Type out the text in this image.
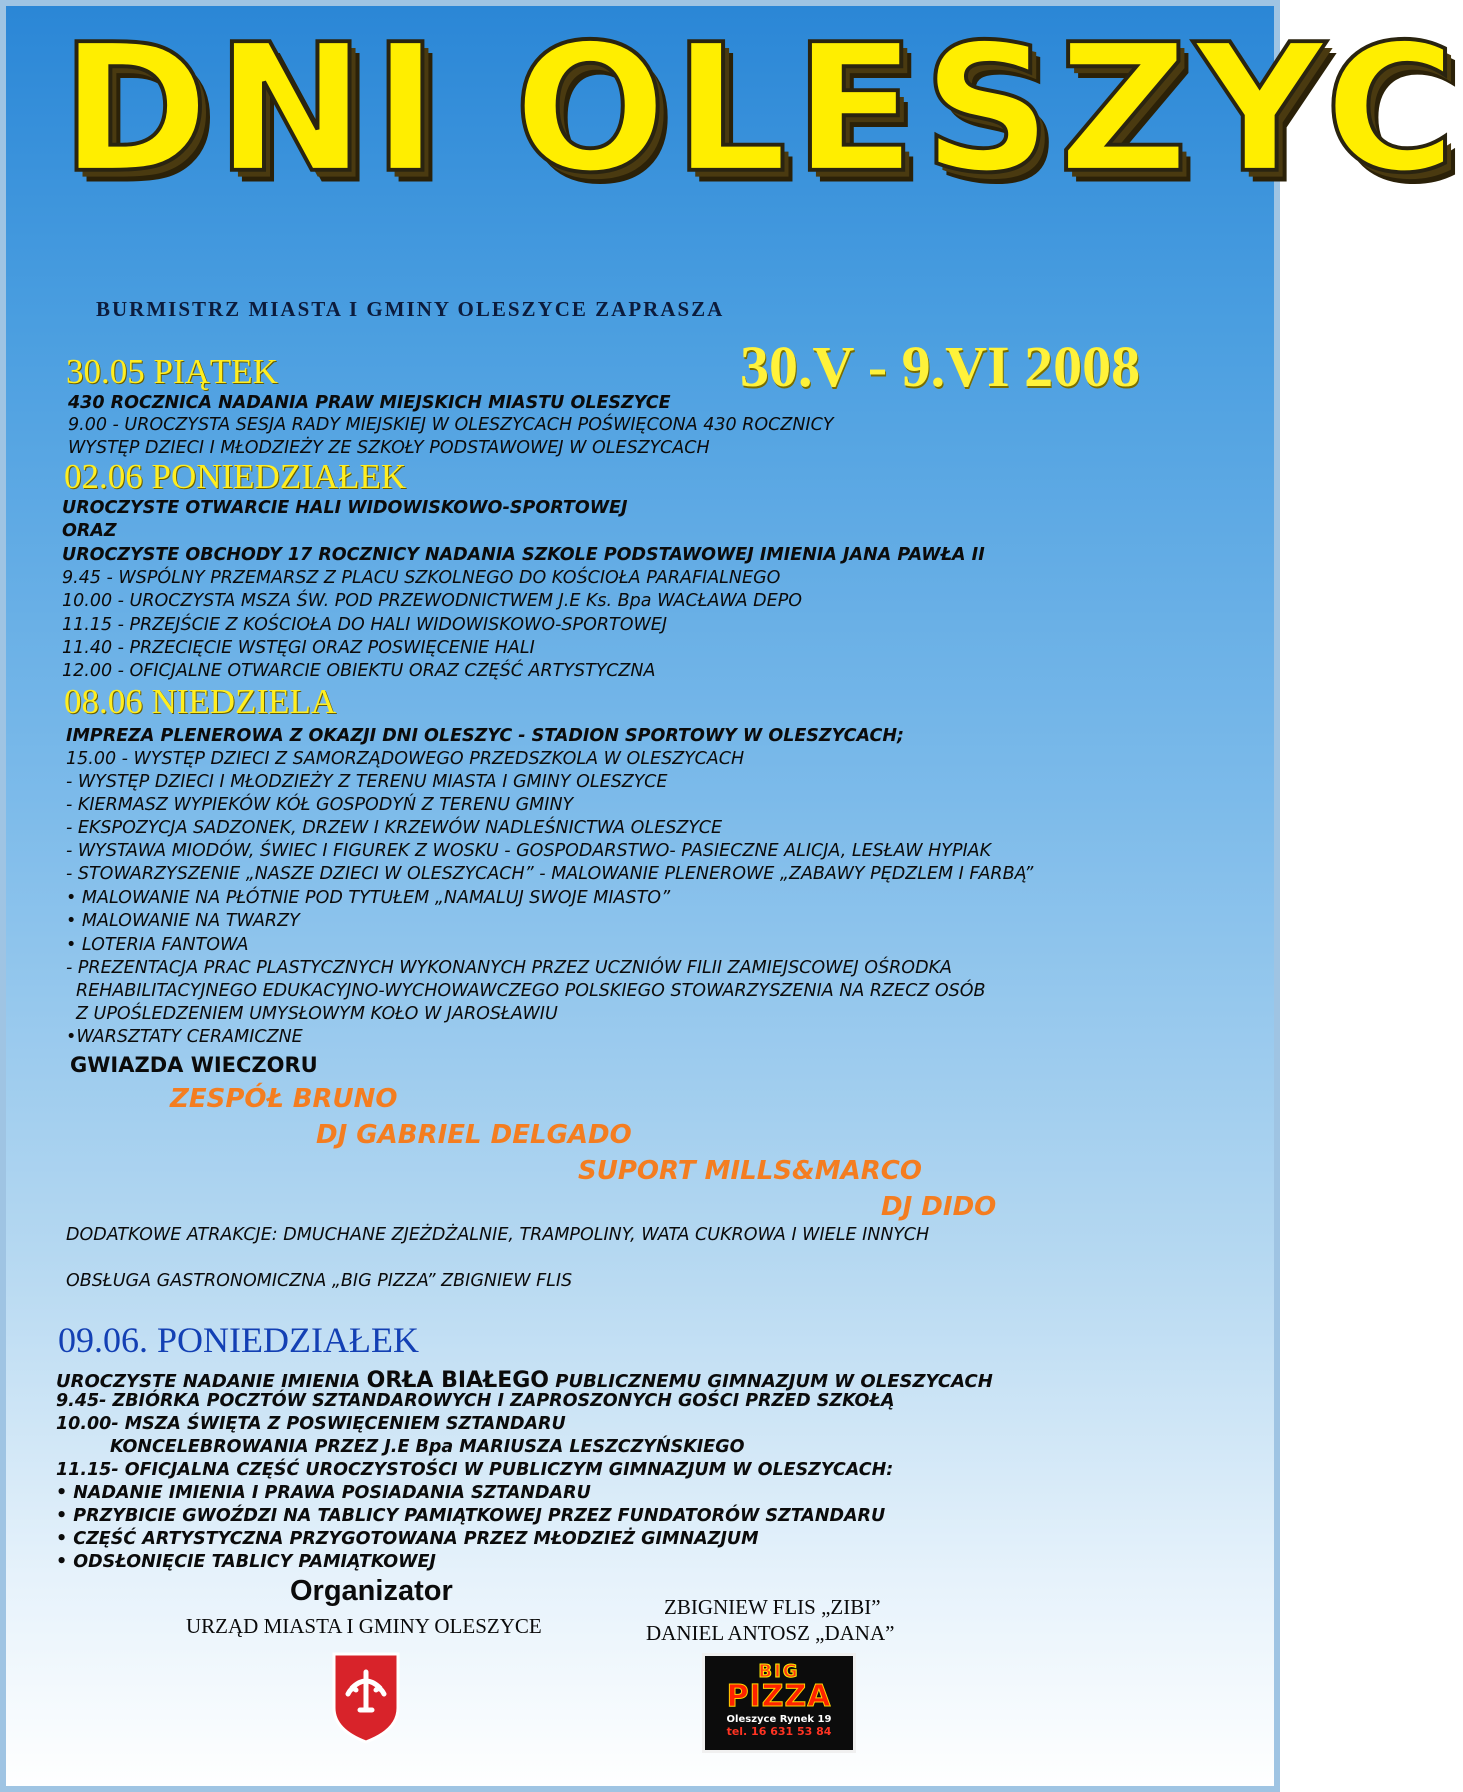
DNI OLESZYC
BURMISTRZ MIASTA I GMINY OLESZYCE ZAPRASZA
30.V - 9.VI 2008
30.05 PIĄTEK
430 ROCZNICA NADANIA PRAW MIEJSKICH MIASTU OLESZYCE
9.00 - UROCZYSTA SESJA RADY MIEJSKIEJ W OLESZYCACH POŚWIĘCONA 430 ROCZNICY
WYSTĘP DZIECI I MŁODZIEŻY ZE SZKOŁY PODSTAWOWEJ W OLESZYCACH
02.06 PONIEDZIAŁEK
UROCZYSTE OTWARCIE HALI WIDOWISKOWO-SPORTOWEJ
ORAZ
UROCZYSTE OBCHODY 17 ROCZNICY NADANIA SZKOLE PODSTAWOWEJ IMIENIA JANA PAWŁA II
9.45 - WSPÓLNY PRZEMARSZ Z PLACU SZKOLNEGO DO KOŚCIOŁA PARAFIALNEGO
10.00 - UROCZYSTA MSZA ŚW. POD PRZEWODNICTWEM J.E Ks. Bpa WACŁAWA DEPO
11.15 - PRZEJŚCIE Z KOŚCIOŁA DO HALI WIDOWISKOWO-SPORTOWEJ
11.40 - PRZECIĘCIE WSTĘGI ORAZ POSWIĘCENIE HALI
12.00 - OFICJALNE OTWARCIE OBIEKTU ORAZ CZĘŚĆ ARTYSTYCZNA
08.06 NIEDZIELA
IMPREZA PLENEROWA Z OKAZJI DNI OLESZYC - STADION SPORTOWY W OLESZYCACH;
15.00 - WYSTĘP DZIECI Z SAMORZĄDOWEGO PRZEDSZKOLA W OLESZYCACH
- WYSTĘP DZIECI I MŁODZIEŻY Z TERENU MIASTA I GMINY OLESZYCE
- KIERMASZ WYPIEKÓW KÓŁ GOSPODYŃ Z TERENU GMINY
- EKSPOZYCJA SADZONEK, DRZEW I KRZEWÓW NADLEŚNICTWA OLESZYCE
- WYSTAWA MIODÓW, ŚWIEC I FIGUREK Z WOSKU - GOSPODARSTWO- PASIECZNE ALICJA, LESŁAW HYPIAK
- STOWARZYSZENIE „NASZE DZIECI W OLESZYCACH” - MALOWANIE PLENEROWE „ZABAWY PĘDZLEM I FARBĄ”
• MALOWANIE NA PŁÓTNIE POD TYTUŁEM „NAMALUJ SWOJE MIASTO”
• MALOWANIE NA TWARZY
• LOTERIA FANTOWA
- PREZENTACJA PRAC PLASTYCZNYCH WYKONANYCH PRZEZ UCZNIÓW FILII ZAMIEJSCOWEJ OŚRODKA
REHABILITACYJNEGO EDUKACYJNO-WYCHOWAWCZEGO POLSKIEGO STOWARZYSZENIA NA RZECZ OSÓB
Z UPOŚLEDZENIEM UMYSŁOWYM KOŁO W JAROSŁAWIU
•WARSZTATY CERAMICZNE
GWIAZDA WIECZORU
ZESPÓŁ BRUNO
DJ GABRIEL DELGADO
SUPORT MILLS&MARCO
DJ DIDO
DODATKOWE ATRAKCJE: DMUCHANE ZJEŻDŻALNIE, TRAMPOLINY, WATA CUKROWA I WIELE INNYCH
OBSŁUGA GASTRONOMICZNA „BIG PIZZA” ZBIGNIEW FLIS
09.06. PONIEDZIAŁEK
UROCZYSTE NADANIE IMIENIA ORŁA BIAŁEGO PUBLICZNEMU GIMNAZJUM W OLESZYCACH
9.45- ZBIÓRKA POCZTÓW SZTANDAROWYCH I ZAPROSZONYCH GOŚCI PRZED SZKOŁĄ
10.00- MSZA ŚWIĘTA Z POSWIĘCENIEM SZTANDARU
KONCELEBROWANIA PRZEZ J.E Bpa MARIUSZA LESZCZYŃSKIEGO
11.15- OFICJALNA CZĘŚĆ UROCZYSTOŚCI W PUBLICZYM GIMNAZJUM W OLESZYCACH:
• NADANIE IMIENIA I PRAWA POSIADANIA SZTANDARU
• PRZYBICIE GWOŹDZI NA TABLICY PAMIĄTKOWEJ PRZEZ FUNDATORÓW SZTANDARU
• CZĘŚĆ ARTYSTYCZNA PRZYGOTOWANA PRZEZ MŁODZIEŻ GIMNAZJUM
• ODSŁONIĘCIE TABLICY PAMIĄTKOWEJ
Organizator
URZĄD MIASTA I GMINY OLESZYCE
ZBIGNIEW FLIS „ZIBI”
DANIEL ANTOSZ „DANA”
BIG
PIZZA
Oleszyce Rynek 19
tel. 16 631 53 84
